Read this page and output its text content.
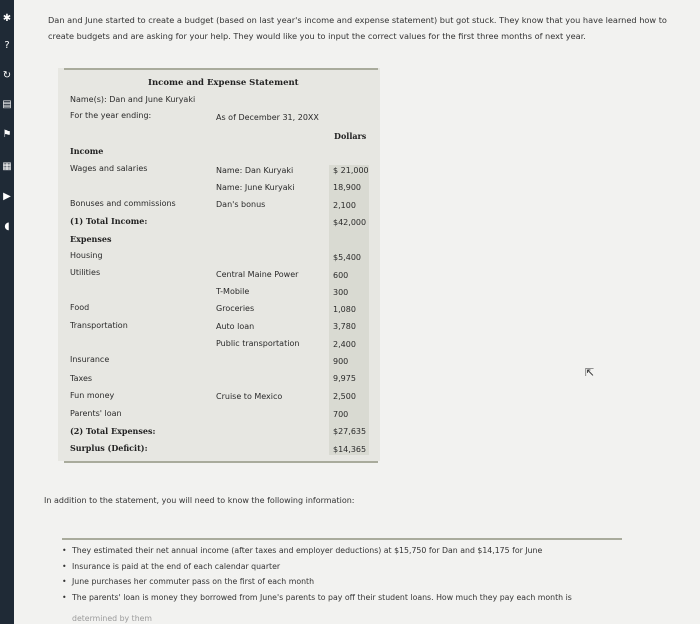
✱
?
↻
▤
⚑
▦
▶
◖
Dan and June started to create a budget (based on last year's income and expense statement) but got stuck. They know that you have learned how to
create budgets and are asking for your help. They would like you to input the correct values for the first three months of next year.
Income and Expense Statement
Name(s): Dan and June Kuryaki
For the year ending:	As of December 31, 20XX
Dollars
Income
Wages and salaries	Name: Dan Kuryaki	$ 21,000
Name: June Kuryaki	18,900
Bonuses and commissions	Dan's bonus	2,100
(1) Total Income:	$42,000
Expenses
Housing	$5,400
Utilities	Central Maine Power	600
T-Mobile	300
Food	Groceries	1,080
Transportation	Auto loan	3,780
Public transportation	2,400
Insurance	900
Taxes	9,975
Fun money	Cruise to Mexico	2,500
Parents' loan	700
(2) Total Expenses:	$27,635
Surplus (Deficit):	$14,365
In addition to the statement, you will need to know the following information:
• They estimated their net annual income (after taxes and employer deductions) at $15,750 for Dan and $14,175 for June
• Insurance is paid at the end of each calendar quarter
• June purchases her commuter pass on the first of each month
• The parents' loan is money they borrowed from June's parents to pay off their student loans. How much they pay each month is
determined by them
⇱
